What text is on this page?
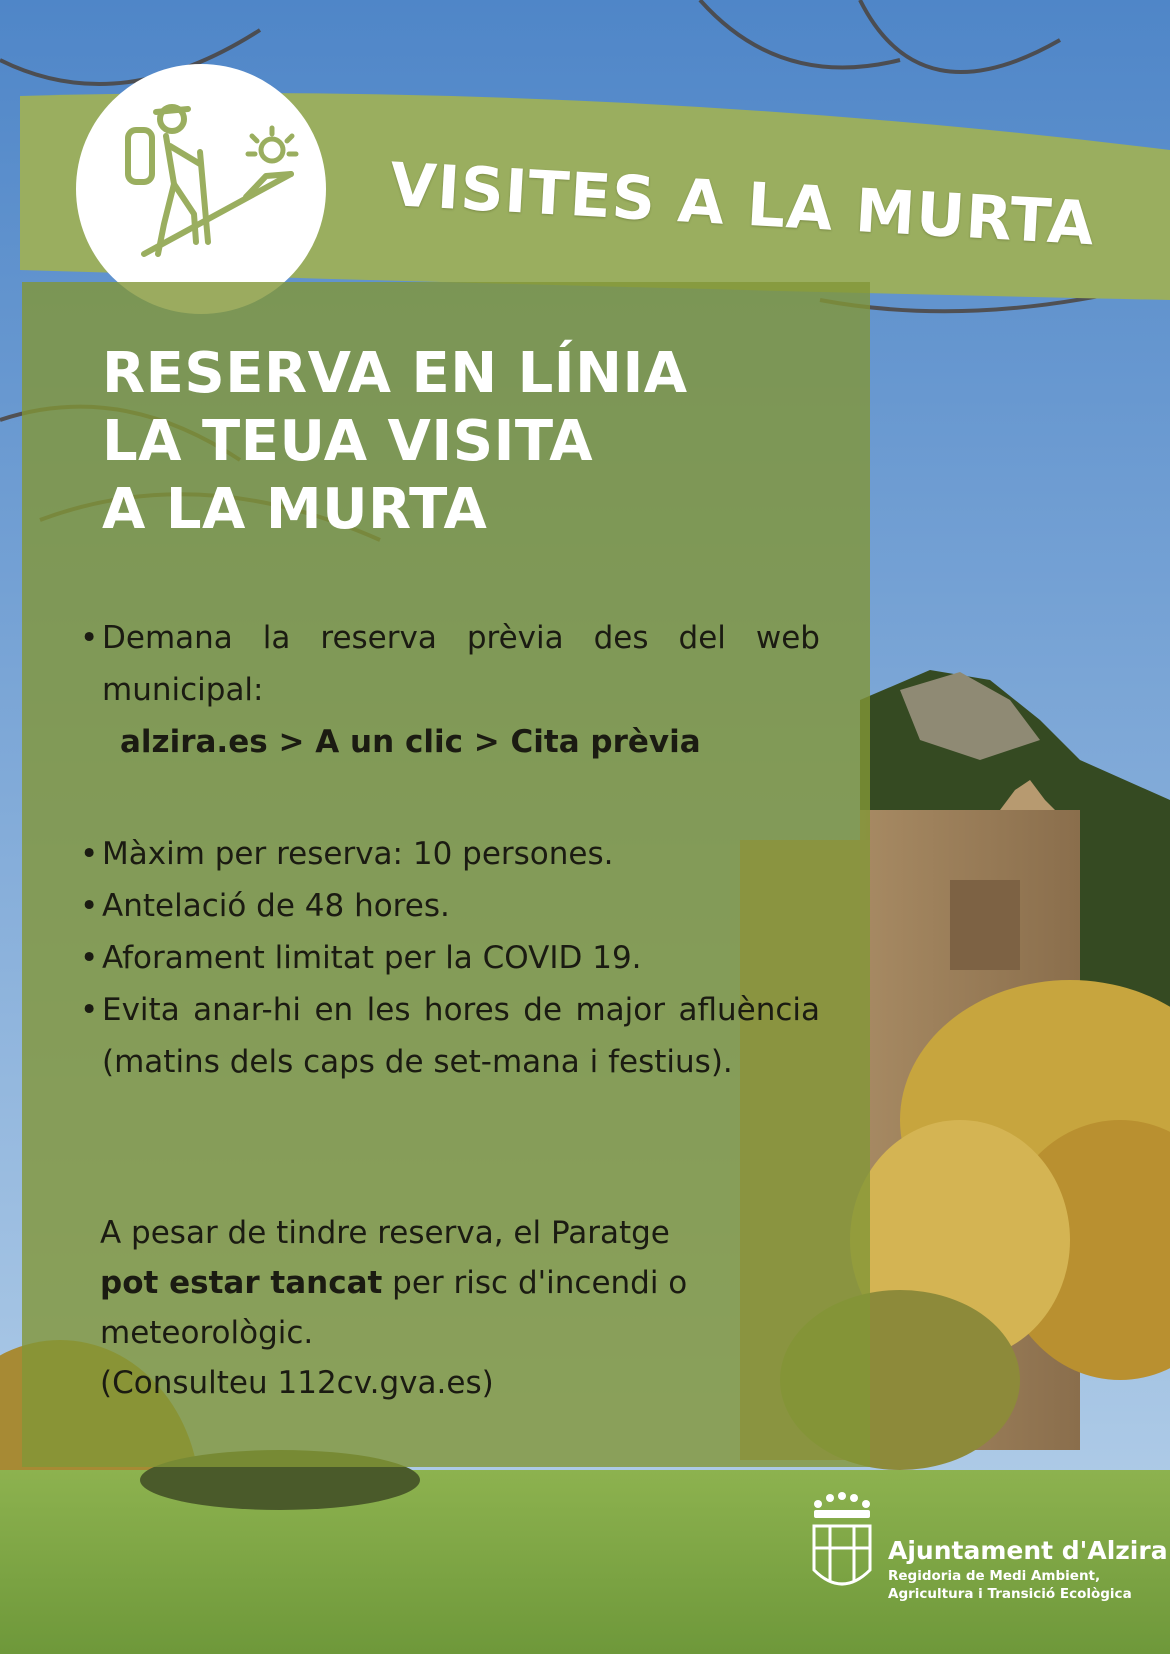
VISITES A LA MURTA
RESERVA EN LÍNIA
LA TEUA VISITA
A LA MURTA
• Demana la reserva prèvia des del web municipal:
alzira.es > A un clic > Cita prèvia
• Màxim per reserva: 10 persones.
• Antelació de 48 hores.
• Aforament limitat per la COVID 19.
• Evita anar-hi en les hores de major afluència (matins dels caps de set-mana i festius).
A pesar de tindre reserva, el Paratge
pot estar tancat per risc d'incendi o
meteorològic.
(Consulteu 112cv.gva.es)
Ajuntament d'Alzira
Regidoria de Medi Ambient,
Agricultura i Transició Ecològica
